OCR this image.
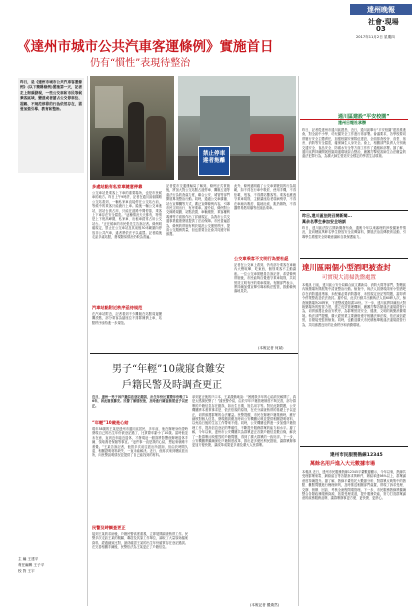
達州晚報
社會·現場
03
2017年11月2日 星期四
《達州市城市公共汽車客運條例》實施首日
仍有“慣性”表現待整治
昨日，是《達州市城市公共汽車客運條例》(以下簡稱條例)實施第一天，記者走上街頭發現，一些公交車和市民等候乘客區域，變道或者搶占公交停車位、超載、不規范停靠的行為依然存在，需要加強引導、教育和整治。
禁止停車 違者拖離
通川區建設“平安校園”
達州日報社承辦
昨日，記者從達州市通川區獲悉，近日，通川區舉行“平安校園”建設推進會，對全區中小學、幼兒園安全工作進行再部署。會議要求，各學校要切實履行安全主體責任，加強校園安保隊伍建設，全面排查校舍、食堂、宿舍、消防等安全隱患，確保師生人身安全。會上，相關部門負責人分別就交通安全、食品安全、防溺水安全等方面工作作了通報和部署。據了解，通川區將持續開展校園周邊環境綜合整治，嚴厲打擊侵害師生合法權益的違法犯罪行為，為廣大師生營造安全穩定的學習生活環境。
昨日,達川區法院召開新聞...
萬余名學生參加安全培訓
昨日，達川區法院召開新聞發布會，通報今年以來審理的涉校園案件情況，並向轄區萬餘名學生發放安全宣傳資料，開展法治宣傳教育活動，引導學生增強安全防範意識和自我保護能力。
達川區兩個小型酒吧被查封
可實現大清掃洗盤處置
本報訊 日前，達川區公安分局聯合區文廣新局、消防大隊等部門，對轄區內娛樂場所開展集中清查整治行動。檢查中，執法人員發現兩家小型酒吧存在消防通道堵塞、未配備必要消防器材、未按規定登記等問題，當即責令停業整改並依法查封。據介紹，此次行動共出動執法人員60餘人次，檢查娛樂場所20餘家，下達整改通知書10份。下一步，達川區將持續加大對娛樂場所的監管力度，建立長效管理機制，嚴厲打擊各類違法違規經營行為，切實維護社會治安秩序，為群眾營造安全、健康、文明的娛樂消費環境。執法部門提醒，廣大經營業主要嚴格遵守相關法律法規，依法誠信經營，自覺接受監督檢查。同時，也歡迎廣大市民積極舉報違法違規經營行為，共同維護良好的社會秩序和消費環境。
達州市民服務熱線12345
萬餘名用戶進入大元數據市場
本報訊 近日，達州市民服務熱線12345平臺數據顯示，今年以來，熱線共受理群眾來電、網絡留言等各類訴求萬餘件，辦結率達98%以上，群眾滿意度持續提升。據了解，熱線平臺依托大數據分析，對群眾反映集中的熱點、難點問題進行梳理研判，及時推送相關部門處置，實現了訴求受理、交辦、督辦、回訪、考核全流程閉環管理。下一步，市民服務熱線將繼續整合各類政務服務資源，拓寬受理渠道，提升服務效能，努力打造群眾滿意的政務服務品牌，讓群眾辦事更方便、更快捷、更舒心。
多處站點有私家車隨意停靠
公交車站是乘客上下車的重要場所，也是市民候車的地方。昨日上午9時許，記者在通川區朝陽路公交站看到，一輛私家車直接停在公交站台前，等候中的乘客只能繞行上車。隨後一輛公交車進站，因站台被占用，只能在道路中間停靠，乘客上下車存在安全隱患。“這種情況天天都有，特別是上下班高峰期，私家車、出租車經常占用公交站台。”正在候車的市民張先生告訴記者。條例明確規定，禁止在公交車站及其前後30米範圍內停放非公共汽車，違者將依法予以處罰。記者隨後走訪多處站點，發現類似情況仍較為普遍。
汽車站點附近秩序亟待規范
在汽車站附近，記者看到不少攤販在站點周邊擺攤設點，部分乘客為搶座位不排隊擁擠上車，站點秩序亟待進一步規范。
記者從市交通運輸局了解到，條例正式實施後，將加大對公交站點占道停車、攤販占道等違法行為的查處力度，聯合公安、城管等部門開展專項整治行動。同時，通過公交車廣播、站台宣傳欄等方式，廣泛宣傳條例內容，引導市民文明出行、有序乘車。據介紹，條例對公交線路規劃、站點設置、車輛運營、乘客權利義務等方面都作出了詳細規定，為我市公共交通事業健康發展提供了法治保障。市民普遍認為，條例的實施有利於規范公交運營秩序，提高公交服務質量，但也需要全社會共同遵守和維護。
此外，條例還明確了公交車駕駛員的行為規範，如不得在行車中吸菸、使用手機，不得拒載、甩客，不得滯站攬客等。乘客也應遵守乘車規則，主動讓座給老弱病殘孕，不得在車廂內吸菸、隨地吐痰、亂扔雜物，不得攜帶易燃易爆等危險品乘車。
公交車乘客不文明行為要杜絕
記者在公交車上看到，仍有部分乘客在車廂內大聲喧嘩、吃東西，個別乘客不主動讓座。一位公交車駕駛員告訴記者，希望條例實施後，市民能夠自覺遵守乘車規則，共同營造文明有序的乘車環境。有關部門表示，將持續加強宣傳引導和執法監管，推動條例落地見效。
(本報記者 何斌)
男子“年輕”10歲寢食難安
戶籍民警及時調查更正
近日，達州一男子因戶籍信息登記錯誤，出生年份比實際年份晚了10年，因此寢食難安。民警了解情況後，及時進行調查核實並予以更正。
“年輕”10歲是心結
現年58歲的王某是達州市通川區居民，多年前，他在辦理身份證時發現自己的出生年份被登記錯了，比實際年齡小了10歲。當時他並未在意，直到近年臨近退休，才發現這一錯誤將影響他辦理退休手續、領取養老保險等事宜。“這件事一直是我的心結，想起來就睡不著覺。”王某告訴記者，他曾多次前往派出所諮詢，但由於時間久遠、相關證明材料缺失，一直未能解決。近日，他再次來到轄區派出所，向民警說明情況並提供了自己能找到的材料。
民警及時調查更正
接到王某的求助後，戶籍民警高度重視，立即展開調查核實工作。民警多次走訪王某的親屬、鄰居及其原工作單位，調取了大量原始檔案資料，經過細致比對，最終確認王某的出生年份確實存在登記錯誤。在完善相關手續後，民警依法為王某更正了戶籍信息。
拿到更正後的戶口本，王某激動地說：“困擾我多年的心結終於解開了，真是太感謝民警了！”據民警介紹，由於早年戶籍管理制度不夠完善，部分群眾的戶籍信息存在錯誤，如出生日期、姓名用字等。對於此類問題，公安機關將本著實事求是、依法依規的原則，在充分調查核實的基礎上予以更正，切實維護群眾的合法權益。民警提醒，市民在辦理戶籍業務時，應仔細核對個人信息，發現錯誤應及時向公安機關反映並提供相關證明材料，以免給日後的生活工作帶來不便。同時，公安機關也將進一步加強戶籍管理工作，提高信息登記的準確性，不斷提升服務群眾的能力和水平。據了解，今年以來，達州市公安機關共為群眾更正各類戶籍信息數百條，解決了一批群眾反映強烈的戶籍問題，得到了廣大群眾的一致好評。下一步，公安機關將繼續深化戶籍制度改革，推出更多便民利民措施，讓群眾辦事更加方便快捷，讓改革成果更多惠及廣大人民群眾。
(本報記者 羅煥然)
主 編 王建平
責任編輯 王子平
校 對 王宇
